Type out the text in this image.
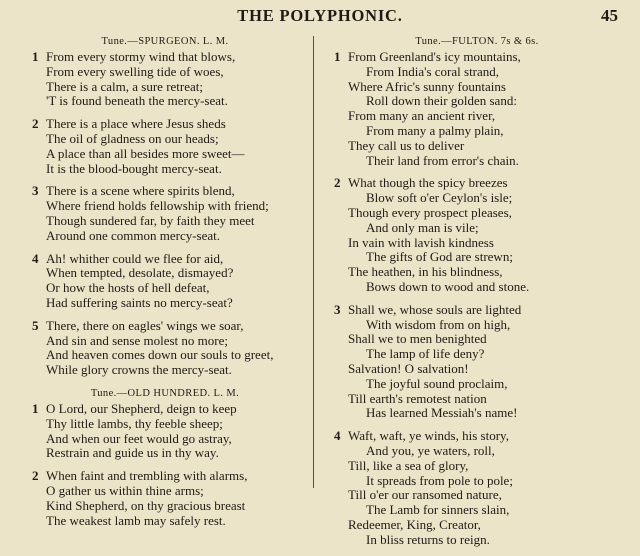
THE POLYPHONIC.	45
Tune.—SPURGEON. L. M.
1 From every stormy wind that blows,
From every swelling tide of woes,
There is a calm, a sure retreat;
'T is found beneath the mercy-seat.
2 There is a place where Jesus sheds
The oil of gladness on our heads;
A place than all besides more sweet—
It is the blood-bought mercy-seat.
3 There is a scene where spirits blend,
Where friend holds fellowship with friend;
Though sundered far, by faith they meet
Around one common mercy-seat.
4 Ah! whither could we flee for aid,
When tempted, desolate, dismayed?
Or how the hosts of hell defeat,
Had suffering saints no mercy-seat?
5 There, there on eagles' wings we soar,
And sin and sense molest no more;
And heaven comes down our souls to greet,
While glory crowns the mercy-seat.
Tune.—OLD HUNDRED. L. M.
1 O Lord, our Shepherd, deign to keep
Thy little lambs, thy feeble sheep;
And when our feet would go astray,
Restrain and guide us in thy way.
2 When faint and trembling with alarms,
O gather us within thine arms;
Kind Shepherd, on thy gracious breast
The weakest lamb may safely rest.
Tune.—FULTON. 7s & 6s.
1 From Greenland's icy mountains,
From India's coral strand,
Where Afric's sunny fountains
Roll down their golden sand:
From many an ancient river,
From many a palmy plain,
They call us to deliver
Their land from error's chain.
2 What though the spicy breezes
Blow soft o'er Ceylon's isle;
Though every prospect pleases,
And only man is vile;
In vain with lavish kindness
The gifts of God are strewn;
The heathen, in his blindness,
Bows down to wood and stone.
3 Shall we, whose souls are lighted
With wisdom from on high,
Shall we to men benighted
The lamp of life deny?
Salvation! O salvation!
The joyful sound proclaim,
Till earth's remotest nation
Has learned Messiah's name!
4 Waft, waft, ye winds, his story,
And you, ye waters, roll,
Till, like a sea of glory,
It spreads from pole to pole;
Till o'er our ransomed nature,
The Lamb for sinners slain,
Redeemer, King, Creator,
In bliss returns to reign.
